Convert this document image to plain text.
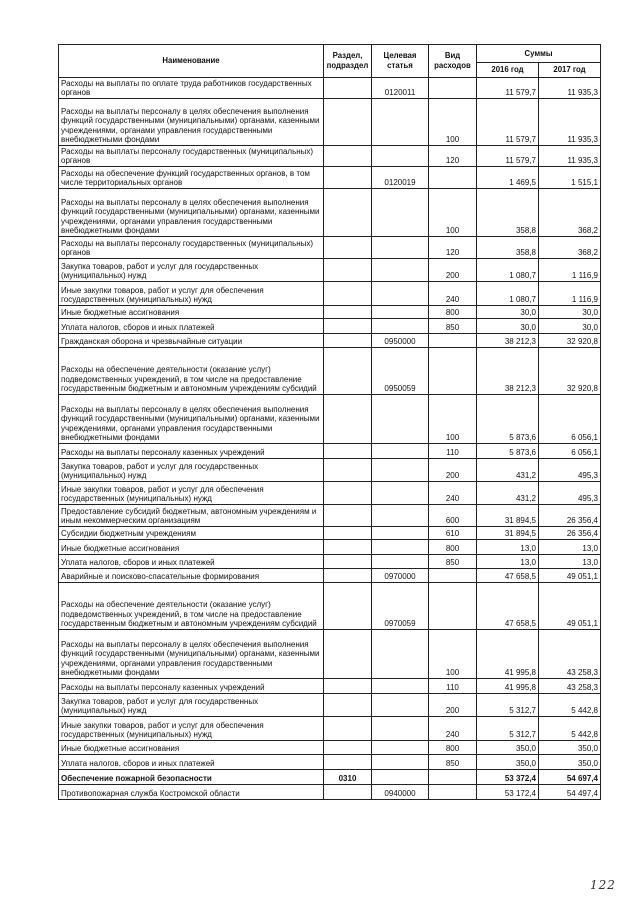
Наименование	Раздел, подраздел	Целевая статья	Вид расходов	Суммы	
				2016 год	2017 год
Расходы на выплаты по оплате труда работников государственных органов		0120011		11 579,7	11 935,3
Расходы на выплаты персоналу в целях обеспечения выполнения функций государственными (муниципальными) органами, казенными учреждениями, органами управления государственными внебюджетными фондами			100	11 579,7	11 935,3
Расходы на выплаты персоналу государственных (муниципальных) органов			120	11 579,7	11 935,3
Расходы на обеспечение функций государственных органов, в том числе территориальных органов		0120019		1 469,5	1 515,1
Расходы на выплаты персоналу в целях обеспечения выполнения функций государственными (муниципальными) органами, казенными учреждениями, органами управления государственными внебюджетными фондами			100	358,8	368,2
Расходы на выплаты персоналу государственных (муниципальных) органов			120	358,8	368,2
Закупка товаров, работ и услуг для государственных (муниципальных) нужд			200	1 080,7	1 116,9
Иные закупки товаров, работ и услуг для обеспечения государственных (муниципальных) нужд			240	1 080,7	1 116,9
Иные бюджетные ассигнования			800	30,0	30,0
Уплата налогов, сборов и иных платежей			850	30,0	30,0
Гражданская оборона и чрезвычайные ситуации		0950000		38 212,3	32 920,8
Расходы на обеспечение деятельности (оказание услуг) подведомственных учреждений, в том числе на предоставление государственным бюджетным и автономным учреждениям субсидий		0950059		38 212,3	32 920,8
Расходы на выплаты персоналу в целях обеспечения выполнения функций государственными (муниципальными) органами, казенными учреждениями, органами управления государственными внебюджетными фондами			100	5 873,6	6 056,1
Расходы на выплаты персоналу казенных учреждений			110	5 873,6	6 056,1
Закупка товаров, работ и услуг для государственных (муниципальных) нужд			200	431,2	495,3
Иные закупки товаров, работ и услуг для обеспечения государственных (муниципальных) нужд			240	431,2	495,3
Предоставление субсидий бюджетным, автономным учреждениям и иным некоммерческим организациям			600	31 894,5	26 356,4
Субсидии бюджетным учреждениям			610	31 894,5	26 356,4
Иные бюджетные ассигнования			800	13,0	13,0
Уплата налогов, сборов и иных платежей			850	13,0	13,0
Аварийные и поисково-спасательные формирования		0970000		47 658,5	49 051,1
Расходы на обеспечение деятельности (оказание услуг) подведомственных учреждений, в том числе на предоставление государственным бюджетным и автономным учреждениям субсидий		0970059		47 658,5	49 051,1
Расходы на выплаты персоналу в целях обеспечения выполнения функций государственными (муниципальными) органами, казенными учреждениями, органами управления государственными внебюджетными фондами			100	41 995,8	43 258,3
Расходы на выплаты персоналу казенных учреждений			110	41 995,8	43 258,3
Закупка товаров, работ и услуг для государственных (муниципальных) нужд			200	5 312,7	5 442,8
Иные закупки товаров, работ и услуг для обеспечения государственных (муниципальных) нужд			240	5 312,7	5 442,8
Иные бюджетные ассигнования			800	350,0	350,0
Уплата налогов, сборов и иных платежей			850	350,0	350,0
Обеспечение пожарной безопасности	0310			53 372,4	54 697,4
Противопожарная служба Костромской области		0940000		53 172,4	54 497,4
122
